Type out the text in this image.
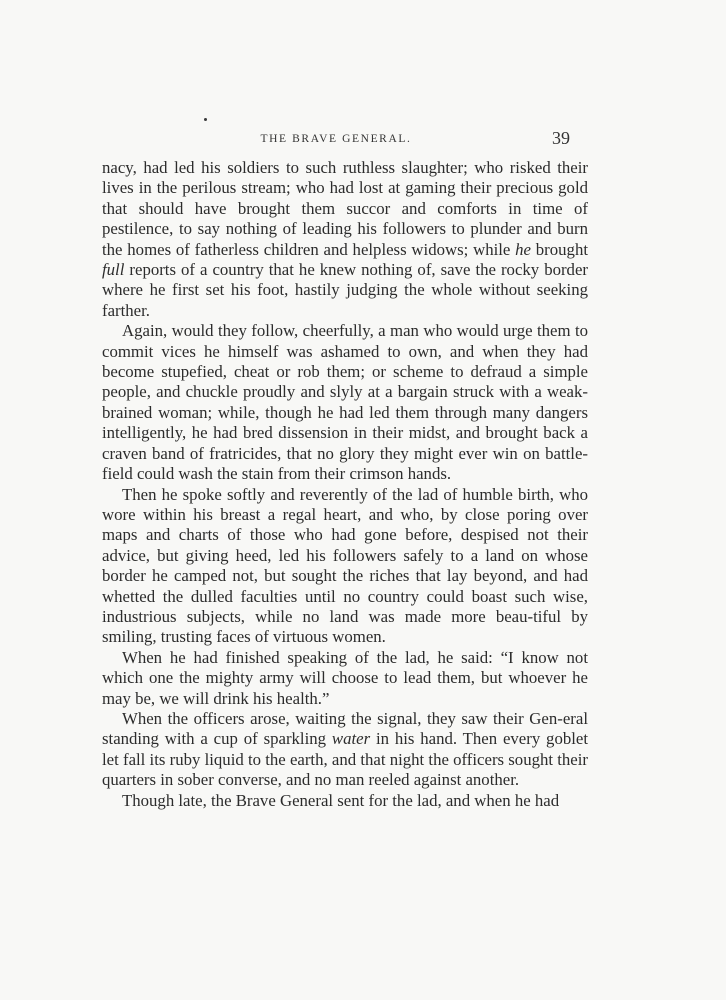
THE BRAVE GENERAL.	39

nacy, had led his soldiers to such ruthless slaughter; who risked their lives in the perilous stream; who had lost at gaming their precious gold that should have brought them succor and comforts in time of pestilence, to say nothing of leading his followers to plunder and burn the homes of fatherless children and helpless widows; while he brought full reports of a country that he knew nothing of, save the rocky border where he first set his foot, hastily judging the whole without seeking farther.

Again, would they follow, cheerfully, a man who would urge them to commit vices he himself was ashamed to own, and when they had become stupefied, cheat or rob them; or scheme to defraud a simple people, and chuckle proudly and slyly at a bargain struck with a weak-brained woman; while, though he had led them through many dangers intelligently, he had bred dissension in their midst, and brought back a craven band of fratricides, that no glory they might ever win on battle-field could wash the stain from their crimson hands.

Then he spoke softly and reverently of the lad of humble birth, who wore within his breast a regal heart, and who, by close poring over maps and charts of those who had gone before, despised not their advice, but giving heed, led his followers safely to a land on whose border he camped not, but sought the riches that lay beyond, and had whetted the dulled faculties until no country could boast such wise, industrious subjects, while no land was made more beau-tiful by smiling, trusting faces of virtuous women.

When he had finished speaking of the lad, he said: “I know not which one the mighty army will choose to lead them, but whoever he may be, we will drink his health.”

When the officers arose, waiting the signal, they saw their Gen-eral standing with a cup of sparkling water in his hand. Then every goblet let fall its ruby liquid to the earth, and that night the officers sought their quarters in sober converse, and no man reeled against another.

Though late, the Brave General sent for the lad, and when he had
